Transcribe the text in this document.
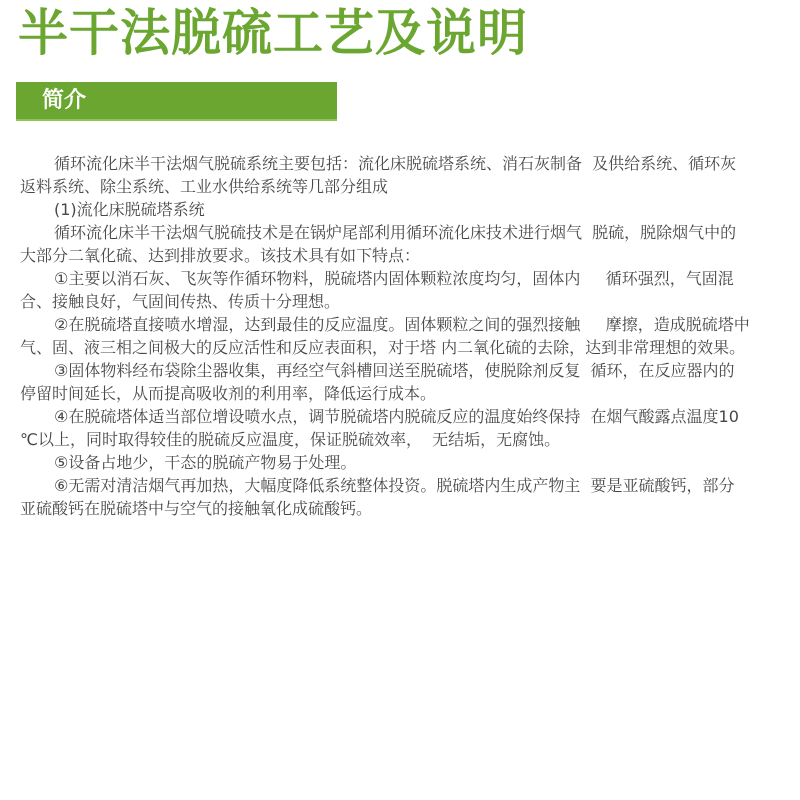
半干法脱硫工艺及说明
简介
循环流化床半干法烟气脱硫系统主要包括：流化床脱硫塔系统、消石灰制备  及供给系统、循环灰
返料系统、除尘系统、工业水供给系统等几部分组成
(1)流化床脱硫塔系统
循环流化床半干法烟气脱硫技术是在锅炉尾部利用循环流化床技术进行烟气  脱硫，脱除烟气中的
大部分二氧化硫、达到排放要求。该技术具有如下特点：
①主要以消石灰、飞灰等作循环物料，脱硫塔内固体颗粒浓度均匀，固体内     循环强烈，气固混
合、接触良好，气固间传热、传质十分理想。
②在脱硫塔直接喷水增湿，达到最佳的反应温度。固体颗粒之间的强烈接触     摩擦，造成脱硫塔中
气、固、液三相之间极大的反应活性和反应表面积，对于塔 内二氧化硫的去除，达到非常理想的效果。
③固体物料经布袋除尘器收集，再经空气斜槽回送至脱硫塔，使脱除剂反复  循环，在反应器内的
停留时间延长，从而提高吸收剂的利用率，降低运行成本。
④在脱硫塔体适当部位增设喷水点，调节脱硫塔内脱硫反应的温度始终保持  在烟气酸露点温度10
℃以上，同时取得较佳的脱硫反应温度，保证脱硫效率，  无结垢，无腐蚀。
⑤设备占地少，干态的脱硫产物易于处理。
⑥无需对清洁烟气再加热，大幅度降低系统整体投资。脱硫塔内生成产物主  要是亚硫酸钙，部分
亚硫酸钙在脱硫塔中与空气的接触氧化成硫酸钙。
